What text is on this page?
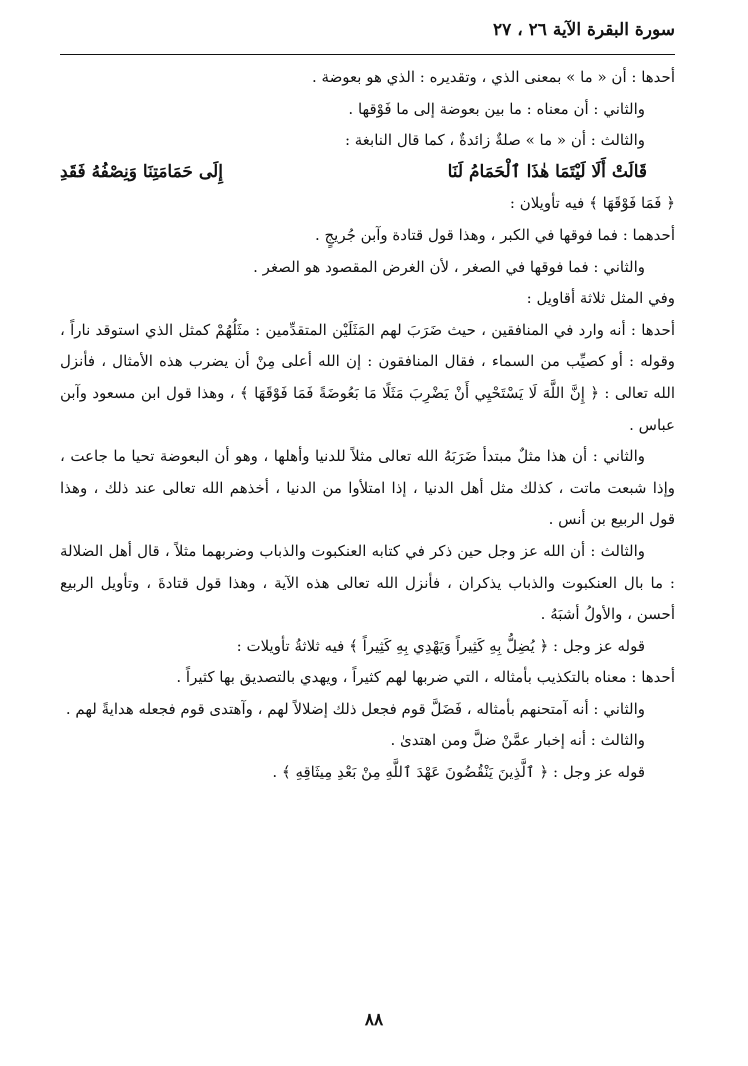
سورة البقرة الآية ٢٦ ، ٢٧

أحدها : أن « ما » بمعنى الذي ، وتقديره : الذي هو بعوضة .

والثاني : أن معناه : ما بين بعوضة إلى ما فَوْقها .

والثالث : أن « ما » صلةٌ زائدةٌ ، كما قال النابغة :

قَالَتْ أَلَا لَيْتَمَا هٰذَا ٱلْحَمَامُ لَنَا
إِلَى حَمَامَتِنَا وَنِصْفُهُ فَقَدِ

﴿ فَمَا فَوْقَهَا ﴾ فيه تأويلان :

أحدهما : فما فوقها في الكبر ، وهذا قول قتادة وآبن جُريجٍ .

والثاني : فما فوقها في الصغر ، لأن الغرض المقصود هو الصغر .

وفي المثل ثلاثة أقاويل :

أحدها : أنه وارد في المنافقين ، حيث ضَرَبَ لهم المَثَلَيْن المتقدِّمين : مثَلُهُمْ كمثل الذي استوقد ناراً ، وقوله : أو كصيِّب من السماء ، فقال المنافقون : إن الله أعلى مِنْ أن يضرب هذه الأمثال ، فأنزل الله تعالى : ﴿ إِنَّ اللَّهَ لَا يَسْتَحْيِي أَنْ يَضْرِبَ مَثَلًا مَا بَعُوضَةً فَمَا فَوْقَهَا ﴾ ، وهذا قول ابن مسعود وآبن عباس .

والثاني : أن هذا مثلٌ مبتدأ ضَرَبَهُ الله تعالى مثلاً للدنيا وأهلها ، وهو أن البعوضة تحيا ما جاعت ، وإذا شبعت ماتت ، كذلك مثل أهل الدنيا ، إذا امتلأوا من الدنيا ، أخذهم الله تعالى عند ذلك ، وهذا قول الربيع بن أنس .

والثالث : أن الله عز وجل حين ذكر في كتابه العنكبوت والذباب وضربهما مثلاً ، قال أهل الضلالة : ما بال العنكبوت والذباب يذكران ، فأنزل الله تعالى هذه الآية ، وهذا قول قتادةَ ، وتأويل الربيع أحسن ، والأولُ أشبَهُ .

قوله عز وجل : ﴿ يُضِلُّ بِهِ كَثِيراً وَيَهْدِي بِهِ كَثِيراً ﴾ فيه ثلاثةُ تأويلات :

أحدها : معناه بالتكذيب بأمثاله ، التي ضربها لهم كثيراً ، ويهدي بالتصديق بها كثيراً .

والثاني : أنه آمتحنهم بأمثاله ، فَضَلَّ قوم فجعل ذلك إضلالاً لهم ، وآهتدى قوم فجعله هدايةً لهم .

والثالث : أنه إخبار عمَّنْ ضلَّ ومن اهتدىٰ .

قوله عز وجل : ﴿ ٱلَّذِينَ يَنْقُضُونَ عَهْدَ ٱللَّهِ مِنْ بَعْدِ مِيثَاقِهِ ﴾ .

٨٨
